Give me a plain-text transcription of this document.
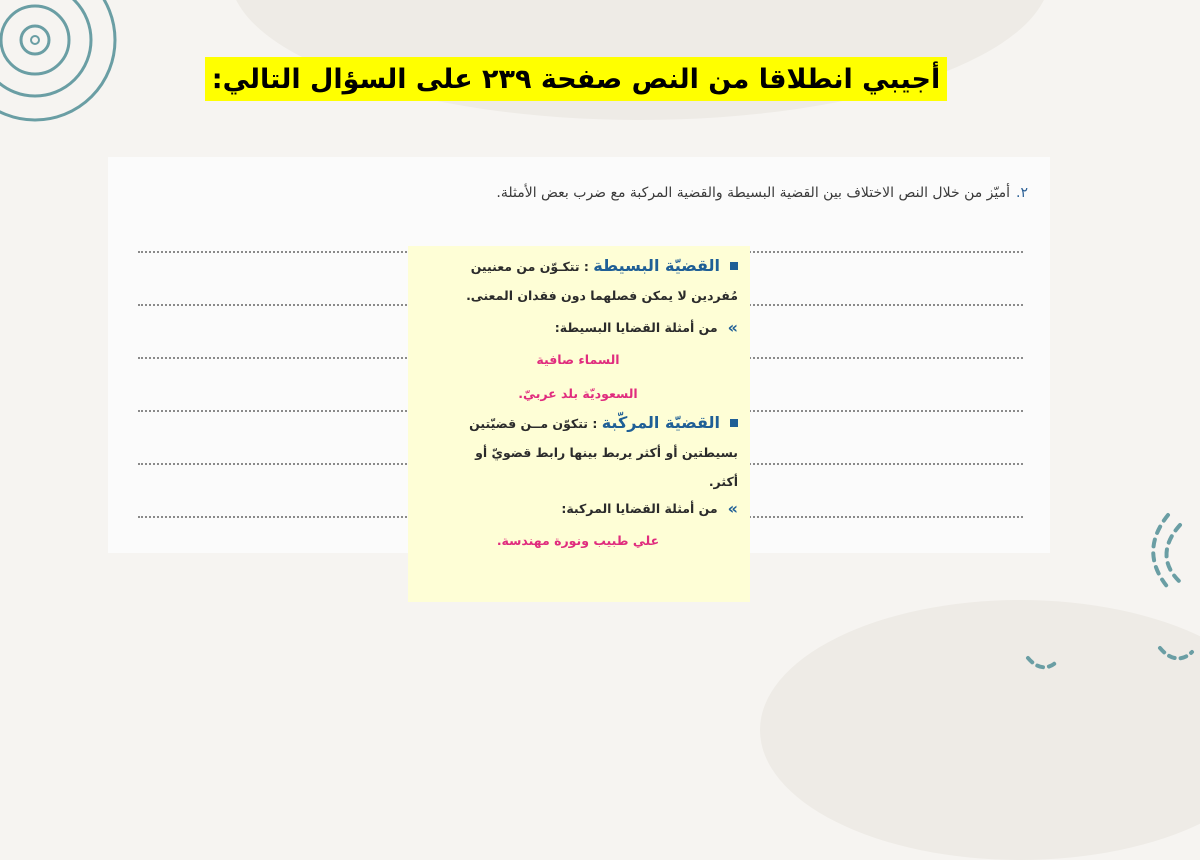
أجيبي انطلاقا من النص صفحة ٢٣٩ على السؤال التالي:
٢.أميّز من خلال النص الاختلاف بين القضية البسيطة والقضية المركبة مع ضرب بعض الأمثلة.
القضيّة البسيطة : تتكـوّن من معنيين
مُفردين لا يمكن فصلهما دون فقدان المعنى.
»
من أمثلة القضايا البسيطة:
السماء صافية
السعوديّة بلد عربيّ.
القضيّة المركّبة : تتكوّن مــن قضيّتين
بسيطتين أو أكثر يربط بينها رابط قضويّ أو
أكثر.
»
من أمثلة القضايا المركبة:
علي طبيب ونورة مهندسة.
